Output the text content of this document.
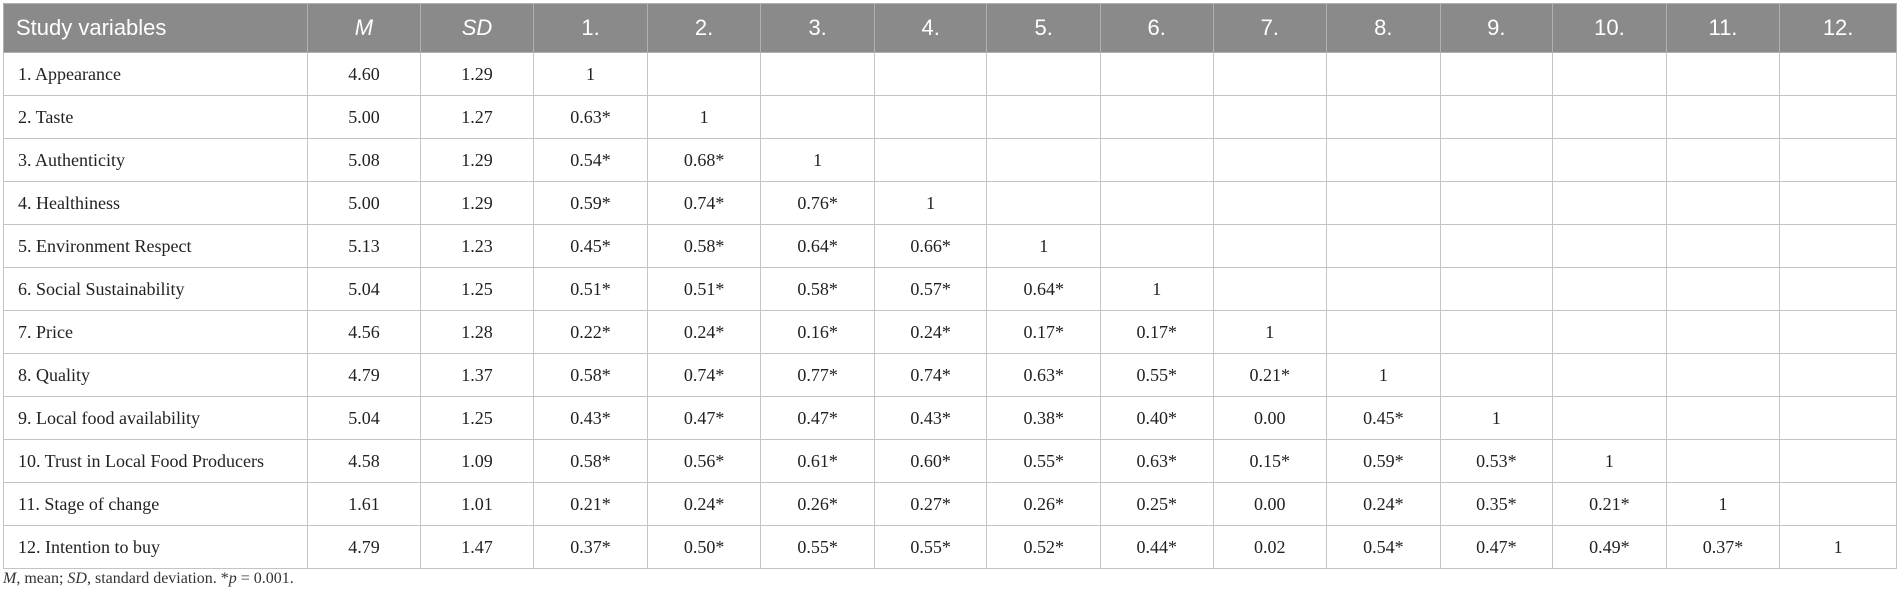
Study variables	M	SD	1.	2.	3.	4.	5.	6.	7.	8.	9.	10.	11.	12.
1. Appearance	4.60	1.29	1											
2. Taste	5.00	1.27	0.63*	1										
3. Authenticity	5.08	1.29	0.54*	0.68*	1									
4. Healthiness	5.00	1.29	0.59*	0.74*	0.76*	1								
5. Environment Respect	5.13	1.23	0.45*	0.58*	0.64*	0.66*	1							
6. Social Sustainability	5.04	1.25	0.51*	0.51*	0.58*	0.57*	0.64*	1						
7. Price	4.56	1.28	0.22*	0.24*	0.16*	0.24*	0.17*	0.17*	1					
8. Quality	4.79	1.37	0.58*	0.74*	0.77*	0.74*	0.63*	0.55*	0.21*	1				
9. Local food availability	5.04	1.25	0.43*	0.47*	0.47*	0.43*	0.38*	0.40*	0.00	0.45*	1			
10. Trust in Local Food Producers	4.58	1.09	0.58*	0.56*	0.61*	0.60*	0.55*	0.63*	0.15*	0.59*	0.53*	1		
11. Stage of change	1.61	1.01	0.21*	0.24*	0.26*	0.27*	0.26*	0.25*	0.00	0.24*	0.35*	0.21*	1	
12. Intention to buy	4.79	1.47	0.37*	0.50*	0.55*	0.55*	0.52*	0.44*	0.02	0.54*	0.47*	0.49*	0.37*	1
M, mean; SD, standard deviation. *p = 0.001.
